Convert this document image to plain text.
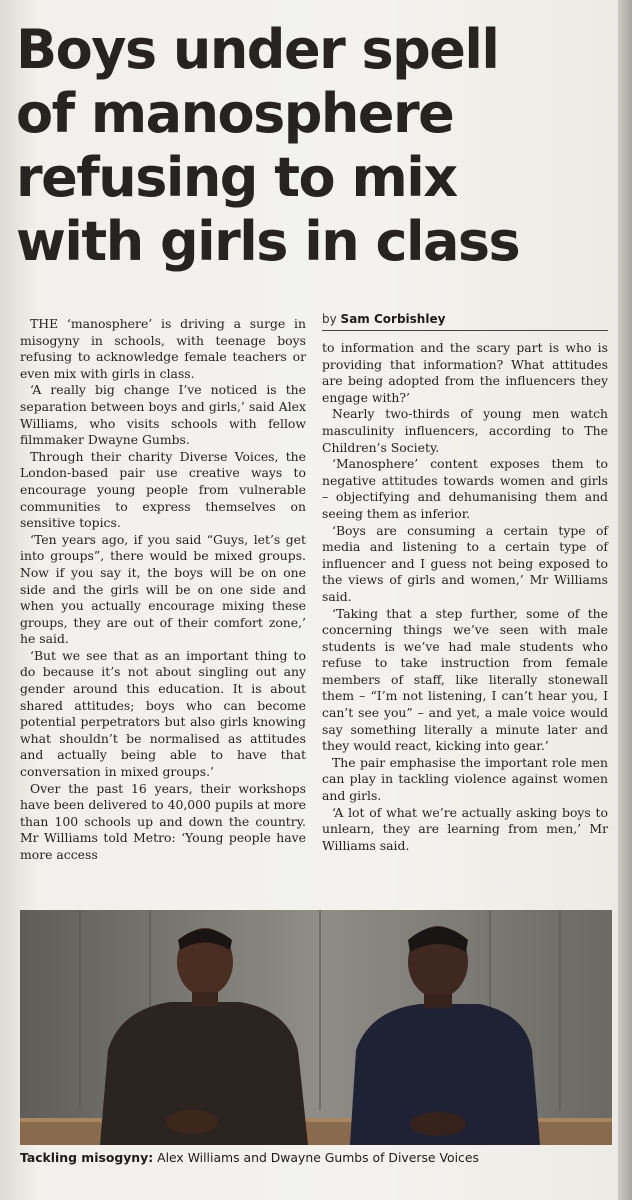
Boys under spell
of manosphere
refusing to mix
with girls in class
by Sam Corbishley

THE ‘manosphere’ is driving a surge in misogyny in schools, with teenage boys refusing to acknowledge female teachers or even mix with girls in class.

‘A really big change I’ve noticed is the separation between boys and girls,’ said Alex Williams, who visits schools with fellow filmmaker Dwayne Gumbs.

Through their charity Diverse Voices, the London-based pair use creative ways to encourage young people from vulnerable communities to express themselves on sensitive topics.

‘Ten years ago, if you said “Guys, let’s get into groups”, there would be mixed groups. Now if you say it, the boys will be on one side and the girls will be on one side and when you actually encourage mixing these groups, they are out of their comfort zone,’ he said.

‘But we see that as an important thing to do because it’s not about singling out any gender around this education. It is about shared attitudes; boys who can become potential perpetrators but also girls knowing what shouldn’t be normalised as attitudes and actually being able to have that conversation in mixed groups.’

Over the past 16 years, their workshops have been delivered to 40,000 pupils at more than 100 schools up and down the country. Mr Williams told Metro: ‘Young people have more access

to information and the scary part is who is providing that information? What attitudes are being adopted from the influencers they engage with?’

Nearly two-thirds of young men watch masculinity influencers, according to The Children’s Society.

‘Manosphere’ content exposes them to negative attitudes towards women and girls – objectifying and dehumanising them and seeing them as inferior.

‘Boys are consuming a certain type of media and listening to a certain type of influencer and I guess not being exposed to the views of girls and women,’ Mr Williams said.

‘Taking that a step further, some of the concerning things we’ve seen with male students is we’ve had male students who refuse to take instruction from female members of staff, like literally stonewall them – “I’m not listening, I can’t hear you, I can’t see you” – and yet, a male voice would say something literally a minute later and they would react, kicking into gear.’

The pair emphasise the important role men can play in tackling violence against women and girls.

‘A lot of what we’re actually asking boys to unlearn, they are learning from men,’ Mr Williams said.

Tackling misogyny: Alex Williams and Dwayne Gumbs of Diverse Voices
